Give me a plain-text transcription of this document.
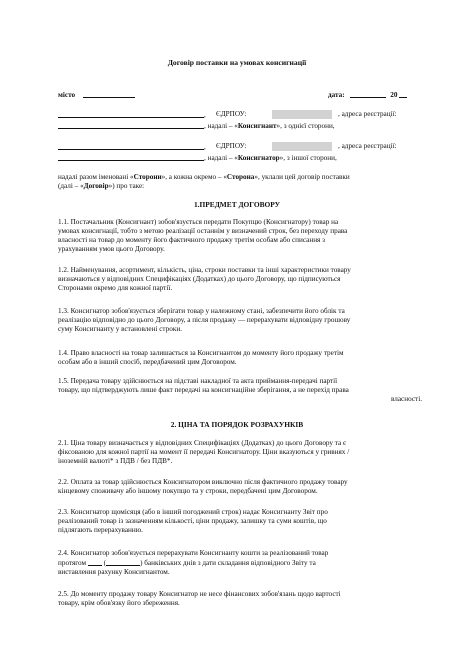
Договір поставки на умовах консигнації
місто	дата:	20
, ЄДРПОУ:	, адреса реєстрації:
, надалі – «Консигнант», з однієї сторони,
, ЄДРПОУ:	, адреса реєстрації:
, надалі – «Консигнатор», з іншої сторони,
надалі разом іменовані «Сторони», а кожна окремо – «Сторона», уклали цей договір поставки
(далі – «Договір») про таке:
1.ПРЕДМЕТ ДОГОВОРУ
1.1. Постачальник (Консигнант) зобов'язується передати Покупцю (Консигнатору) товар на
умовах консигнації, тобто з метою реалізації останнім у визначений строк, без переходу права
власності на товар до моменту його фактичного продажу третім особам або списання з
урахуванням умов цього Договору.
1.2. Найменування, асортимент, кількість, ціна, строки поставки та інші характеристики товару
визначаються у відповідних Специфікаціях (Додатках) до цього Договору, що підписуються
Сторонами окремо для кожної партії.
1.3. Консигнатор зобов'язується зберігати товар у належному стані, забезпечити його облік та
реалізацію відповідно до цього Договору, а після продажу — перерахувати відповідну грошову
суму Консигнанту у встановлені строки.
1.4. Право власності на товар залишається за Консигнантом до моменту його продажу третім
особам або в інший спосіб, передбачений цим Договором.
1.5. Передача товару здійснюється на підставі накладної та акта приймання-передачі партії
товару, що підтверджують лише факт передачі на консигнаційне зберігання, а не перехід права
власності.
2. ЦІНА ТА ПОРЯДОК РОЗРАХУНКІВ
2.1. Ціна товару визначається у відповідних Специфікаціях (Додатках) до цього Договору та є
фіксованою для кожної партії на момент її передачі Консигнатору. Ціни вказуються у гривнях /
іноземній валюті* з ПДВ / без ПДВ*.
2.2. Оплата за товар здійснюється Консигнатором виключно після фактичного продажу товару
кінцевому споживачу або іншому покупцю та у строки, передбачені цим Договором.
2.3. Консигнатор щомісяця (або в інший погоджений строк) надає Консигнанту Звіт про
реалізований товар із зазначенням кількості, ціни продажу, залишку та суми коштів, що
підлягають перерахуванню.
2.4. Консигнатор зобов'язується перерахувати Консигнанту кошти за реалізований товар
протягом (	) банківських днів з дати складання відповідного Звіту та
виставлення рахунку Консигнантом.
2.5. До моменту продажу товару Консигнатор не несе фінансових зобов'язань щодо вартості
товару, крім обов'язку його збереження.
